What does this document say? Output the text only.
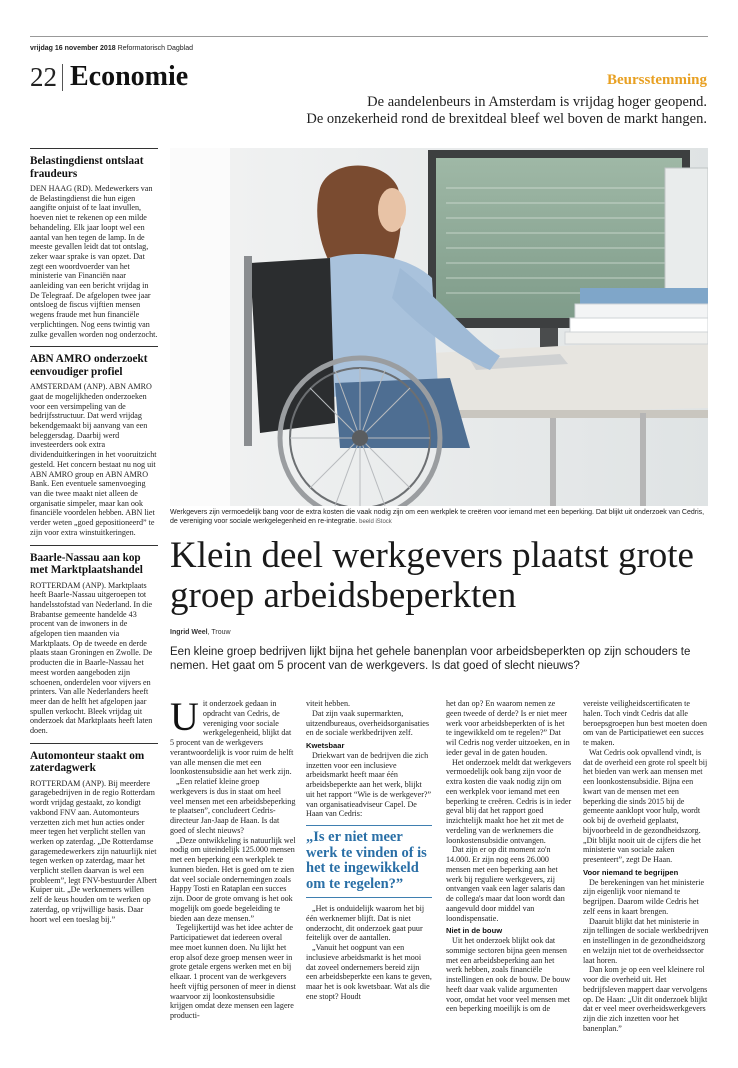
vrijdag 16 november 2018 Reformatorisch Dagblad
22 Economie	Beursstemming
De aandelenbeurs in Amsterdam is vrijdag hoger geopend.
De onzekerheid rond de brexitdeal bleef wel boven de markt hangen.
Belastingdienst ontslaat fraudeurs

DEN HAAG (RD). Medewerkers van de Belastingdienst die hun eigen aangifte onjuist of te laat invullen, hoeven niet te rekenen op een milde behandeling. Elk jaar loopt wel een aantal van hen tegen de lamp. In de meeste gevallen leidt dat tot ontslag, zeker waar sprake is van opzet. Dat zegt een woordvoerder van het ministerie van Financiën naar aanleiding van een bericht vrijdag in De Telegraaf. De afgelopen twee jaar ontsloeg de fiscus vijftien mensen wegens fraude met hun financiële verplichtingen. Nog eens twintig van zulke gevallen worden nog onderzocht.

ABN AMRO onderzoekt eenvoudiger profiel

AMSTERDAM (ANP). ABN AMRO gaat de mogelijkheden onderzoeken voor een versimpeling van de bedrijfsstructuur. Dat werd vrijdag bekendgemaakt bij aanvang van een beleggersdag. Daarbij werd investeerders ook extra dividenduitkeringen in het vooruitzicht gesteld. Het concern bestaat nu nog uit ABN AMRO group en ABN AMRO Bank. Een eventuele samenvoeging van die twee maakt niet alleen de organisatie simpeler, maar kan ook financiële voordelen hebben. ABN liet verder weten „goed gepositioneerd” te zijn voor extra winstuitkeringen.

Baarle-Nassau aan kop met Marktplaatshandel

ROTTERDAM (ANP). Marktplaats heeft Baarle-Nassau uitgeroepen tot handelsstofstad van Nederland. In die Brabantse gemeente handelde 43 procent van de inwoners in de afgelopen tien maanden via Marktplaats. Op de tweede en derde plaats staan Groningen en Zwolle. De producten die in Baarle-Nassau het meest worden aangeboden zijn schoenen, onderdelen voor vijvers en printers. Van alle Nederlanders heeft meer dan de helft het afgelopen jaar spullen verkocht. Bleek vrijdag uit onderzoek dat Marktplaats heeft laten doen.

Automonteur staakt om zaterdagwerk

ROTTERDAM (ANP). Bij meerdere garagebedrijven in de regio Rotterdam wordt vrijdag gestaakt, zo kondigt vakbond FNV aan. Automonteurs verzetten zich met hun acties onder meer tegen het verplicht stellen van werken op zaterdag. „De Rotterdamse garagemedewerkers zijn natuurlijk niet tegen werken op zaterdag, maar het verplicht stellen daarvan is wel een probleem”, legt FNV-bestuurder Albert Kuiper uit. „De werknemers willen zelf de keus houden om te werken op zaterdag, op vrijwillige basis. Daar hoort wel een toeslag bij.”

Werkgevers zijn vermoedelijk bang voor de extra kosten die vaak nodig zijn om een werkplek te creëren voor iemand met een beperking. Dat blijkt uit onderzoek van Cedris, de vereniging voor sociale werkgelegenheid en re-integratie. beeld iStock
Klein deel werkgevers plaatst grote groep arbeidsbeperkten
Ingrid Weel, Trouw

Een kleine groep bedrijven lijkt bijna het gehele banenplan voor arbeidsbeperkten op zijn schouders te nemen. Het gaat om 5 procent van de werkgevers. Is dat goed of slecht nieuws?

U it onderzoek gedaan in opdracht van Cedris, de vereniging voor sociale werkgelegenheid, blijkt dat 5 procent van de werkgevers verantwoordelijk is voor ruim de helft van alle mensen die met een loonkostensubsidie aan het werk zijn.

„Een relatief kleine groep werkgevers is dus in staat om heel veel mensen met een arbeidsbeperking te plaatsen”, concludeert Cedris-directeur Jan-Jaap de Haan. Is dat goed of slecht nieuws?

„Deze ontwikkeling is natuurlijk wel nodig om uiteindelijk 125.000 mensen met een beperking een werkplek te kunnen bieden. Het is goed om te zien dat veel sociale ondernemingen zoals Happy Tosti en Rataplan een succes zijn. Door de grote omvang is het ook mogelijk om goede begeleiding te bieden aan deze mensen.”

Tegelijkertijd was het idee achter de Participatiewet dat iedereen overal mee moet kunnen doen. Nu lijkt het erop alsof deze groep mensen weer in grote getale ergens werken met en bij elkaar. 1 procent van de werkgevers heeft vijftig personen of meer in dienst waarvoor zij loonkostensubsidie krijgen omdat deze mensen een lagere producti-

viteit hebben.

Dat zijn vaak supermarkten, uitzendbureaus, overheidsorganisaties en de sociale werkbedrijven zelf.

Kwetsbaar

Driekwart van de bedrijven die zich inzetten voor een inclusieve arbeidsmarkt heeft maar één arbeidsbeperkte aan het werk, blijkt uit het rapport “Wie is de werkgever?” van organisatieadviseur Capel. De Haan van Cedris:

„Is er niet meer werk te vinden of is het te ingewikkeld om te regelen?”

„Het is onduidelijk waarom het bij één werknemer blijft. Dat is niet onderzocht, dit onderzoek gaat puur feitelijk over de aantallen.

„Vanuit het oogpunt van een inclusieve arbeidsmarkt is het mooi dat zoveel ondernemers bereid zijn een arbeidsbeperkte een kans te geven, maar het is ook kwetsbaar. Wat als die ene stopt? Houdt

het dan op? En waarom nemen ze geen tweede of derde? Is er niet meer werk voor arbeidsbeperkten of is het te ingewikkeld om te regelen?” Dat wil Cedris nog verder uitzoeken, en in ieder geval in de gaten houden.

Het onderzoek meldt dat werkgevers vermoedelijk ook bang zijn voor de extra kosten die vaak nodig zijn om een werkplek voor iemand met een beperking te creëren. Cedris is in ieder geval blij dat het rapport goed inzichtelijk maakt hoe het zit met de verdeling van de werknemers die loonkostensubsidie ontvangen.

Dat zijn er op dit moment zo'n 14.000. Er zijn nog eens 26.000 mensen met een beperking aan het werk bij reguliere werkgevers, zij ontvangen vaak een lager salaris dan de collega's maar dat loon wordt dan aangevuld door middel van loondispensatie.

Niet in de bouw

Uit het onderzoek blijkt ook dat sommige sectoren bijna geen mensen met een arbeidsbeperking aan het werk hebben, zoals financiële instellingen en ook de bouw. De bouw heeft daar vaak valide argumenten voor, omdat het voor veel mensen met een beperking moeilijk is om de

vereiste veiligheidscertificaten te halen. Toch vindt Cedris dat alle beroepsgroepen hun best moeten doen om van de Participatiewet een succes te maken.

Wat Cedris ook opvallend vindt, is dat de overheid een grote rol speelt bij het bieden van werk aan mensen met een loonkostensubsidie. Bijna een kwart van de mensen met een beperking die sinds 2015 bij de gemeente aanklopt voor hulp, wordt ook bij de overheid geplaatst, bijvoorbeeld in de gezondheidszorg. „Dit blijkt nooit uit de cijfers die het ministerie van sociale zaken presenteert”, zegt De Haan.

Voor niemand te begrijpen

De berekeningen van het ministerie zijn eigenlijk voor niemand te begrijpen. Daarom wilde Cedris het zelf eens in kaart brengen.

Daaruit blijkt dat het ministerie in zijn tellingen de sociale werkbedrijven en instellingen in de gezondheidszorg en welzijn niet tot de overheidssector laat horen.

Dan kom je op een veel kleinere rol voor die overheid uit. Het bedrijfsleven mappert daar vervolgens op. De Haan: „Uit dit onderzoek blijkt dat er veel meer overheidswerkgevers zijn die zich inzetten voor het banenplan.”
